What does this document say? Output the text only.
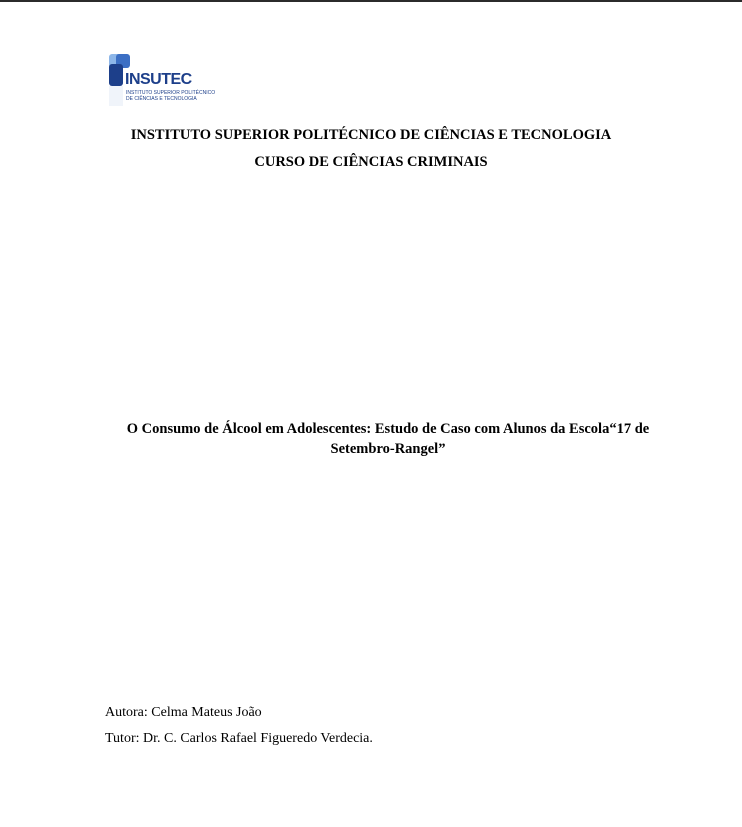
INSUTEC
INSTITUTO SUPERIOR POLITÉCNICO
DE CIÊNCIAS E TECNOLOGIA

INSTITUTO SUPERIOR POLITÉCNICO DE CIÊNCIAS E TECNOLOGIA

CURSO DE CIÊNCIAS CRIMINAIS

O Consumo de Álcool em Adolescentes: Estudo de Caso com Alunos da Escola“17 de
Setembro-Rangel”

Autora: Celma Mateus João

Tutor: Dr. C. Carlos Rafael Figueredo Verdecia.
